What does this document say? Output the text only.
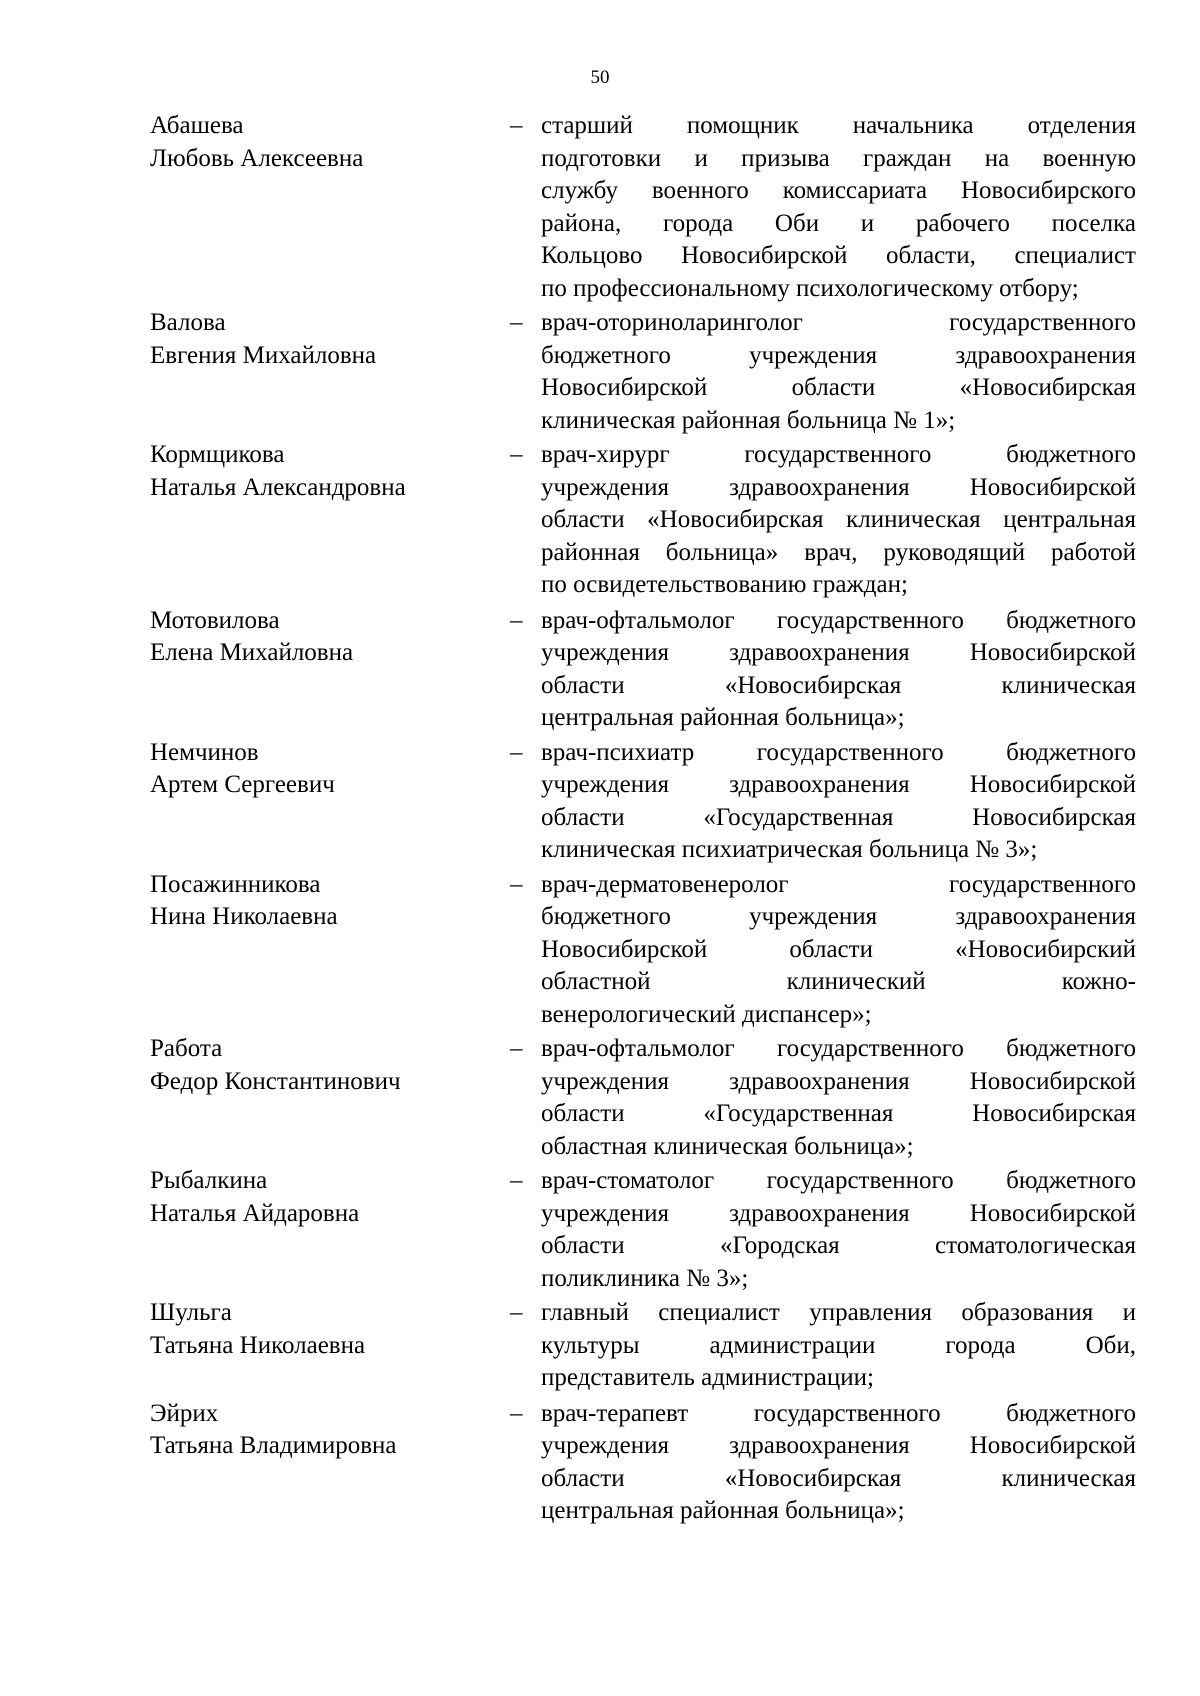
50
Абашева
Любовь Алексеевна
– старший помощник начальника отделения
подготовки и призыва граждан на военную
службу военного комиссариата Новосибирского
района, города Оби и рабочего поселка
Кольцово Новосибирской области, специалист
по профессиональному психологическому отбору;
Валова
Евгения Михайловна
– врач-оториноларинголог государственного
бюджетного учреждения здравоохранения
Новосибирской области «Новосибирская
клиническая районная больница № 1»;
Кормщикова
Наталья Александровна
– врач-хирург государственного бюджетного
учреждения здравоохранения Новосибирской
области «Новосибирская клиническая центральная
районная больница» врач, руководящий работой
по освидетельствованию граждан;
Мотовилова
Елена Михайловна
– врач-офтальмолог государственного бюджетного
учреждения здравоохранения Новосибирской
области «Новосибирская клиническая
центральная районная больница»;
Немчинов
Артем Сергеевич
– врач-психиатр государственного бюджетного
учреждения здравоохранения Новосибирской
области «Государственная Новосибирская
клиническая психиатрическая больница № 3»;
Посажинникова
Нина Николаевна
– врач-дерматовенеролог государственного
бюджетного учреждения здравоохранения
Новосибирской области «Новосибирский
областной клинический кожно-
венерологический диспансер»;
Работа
Федор Константинович
– врач-офтальмолог государственного бюджетного
учреждения здравоохранения Новосибирской
области «Государственная Новосибирская
областная клиническая больница»;
Рыбалкина
Наталья Айдаровна
– врач-стоматолог государственного бюджетного
учреждения здравоохранения Новосибирской
области «Городская стоматологическая
поликлиника № 3»;
Шульга
Татьяна Николаевна
– главный специалист управления образования и
культуры администрации города Оби,
представитель администрации;
Эйрих
Татьяна Владимировна
– врач-терапевт государственного бюджетного
учреждения здравоохранения Новосибирской
области «Новосибирская клиническая
центральная районная больница»;
